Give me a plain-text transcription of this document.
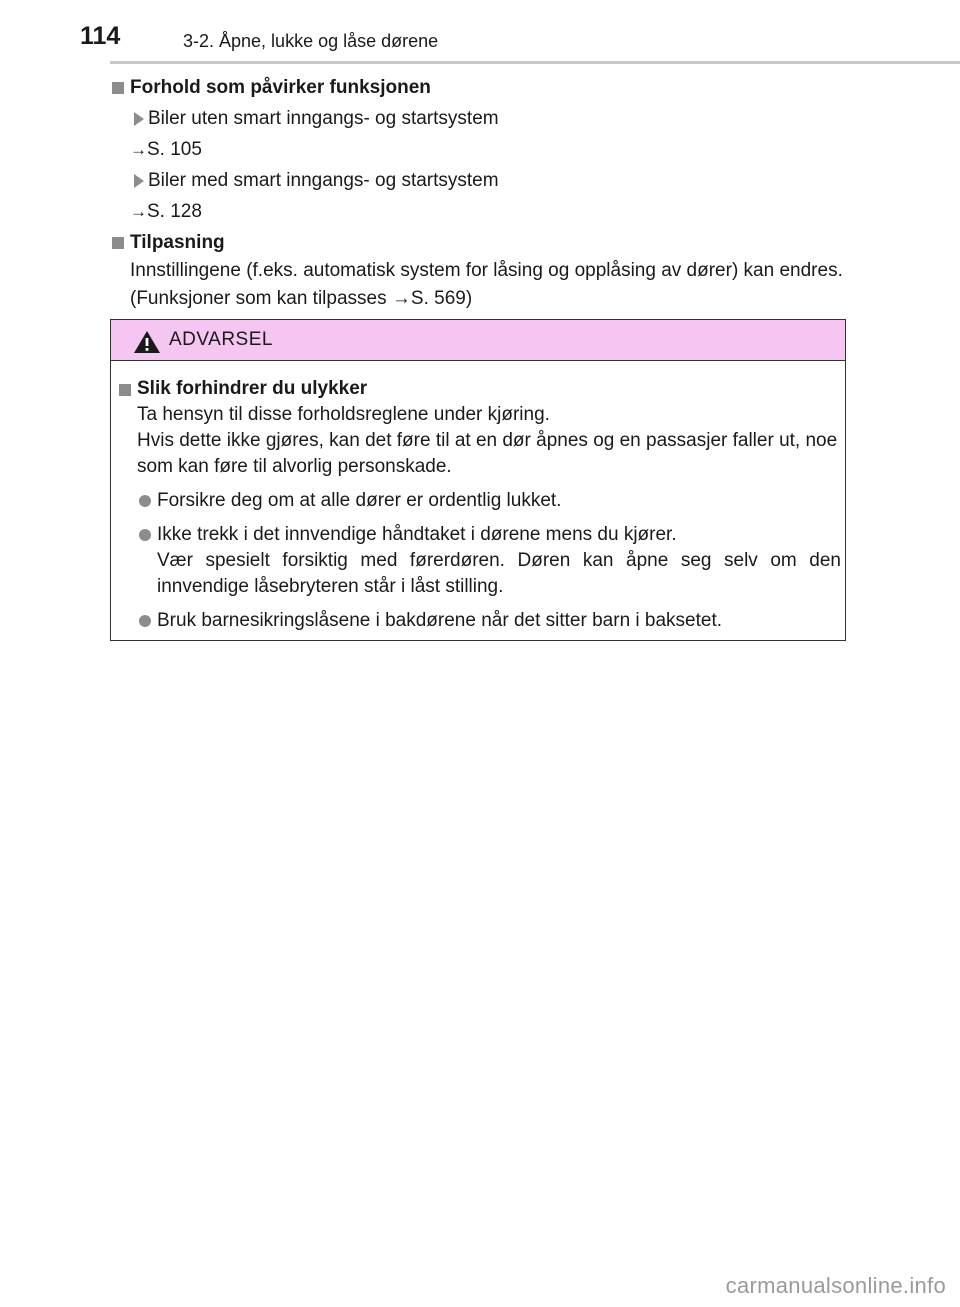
114	3-2. Åpne, lukke og låse dørene
Forhold som påvirker funksjonen
Biler uten smart inngangs- og startsystem
→S. 105
Biler med smart inngangs- og startsystem
→S. 128
Tilpasning
Innstillingene (f.eks. automatisk system for låsing og opplåsing av dører) kan endres. (Funksjoner som kan tilpasses →S. 569)
ADVARSEL
Slik forhindrer du ulykker
Ta hensyn til disse forholdsreglene under kjøring.
Hvis dette ikke gjøres, kan det føre til at en dør åpnes og en passasjer faller ut, noe som kan føre til alvorlig personskade.
Forsikre deg om at alle dører er ordentlig lukket.
Ikke trekk i det innvendige håndtaket i dørene mens du kjører.
Vær spesielt forsiktig med førerdøren. Døren kan åpne seg selv om den innvendige låsebryteren står i låst stilling.
Bruk barnesikringslåsene i bakdørene når det sitter barn i baksetet.
carmanualsonline.info
